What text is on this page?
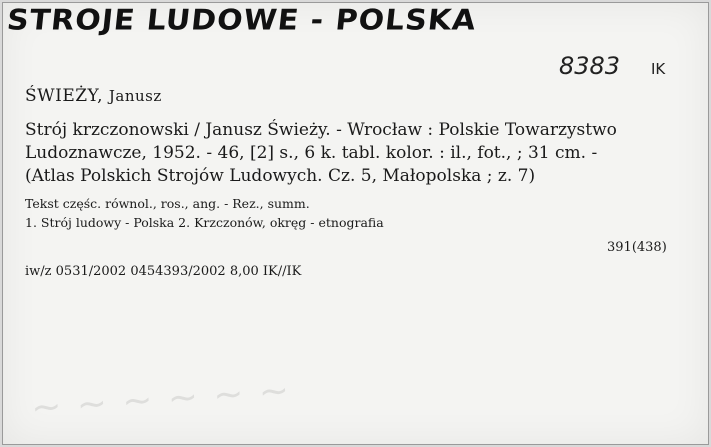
STROJE LUDOWE - POLSKA
8383 IK
ŚWIEŻY, Janusz
Strój krzczonowski / Janusz Świeży. - Wrocław : Polskie Towarzystwo
Ludoznawcze, 1952. - 46, [2] s., 6 k. tabl. kolor. : il., fot., ; 31 cm. -
(Atlas Polskich Strojów Ludowych. Cz. 5, Małopolska ; z. 7)
Tekst częśc. równol., ros., ang. - Rez., summ.
1. Strój ludowy - Polska 2. Krzczonów, okręg - etnografia
391(438)
iw/z 0531/2002 0454393/2002 8,00 IK//IK
~ ~ ~ ~ ~ ~
